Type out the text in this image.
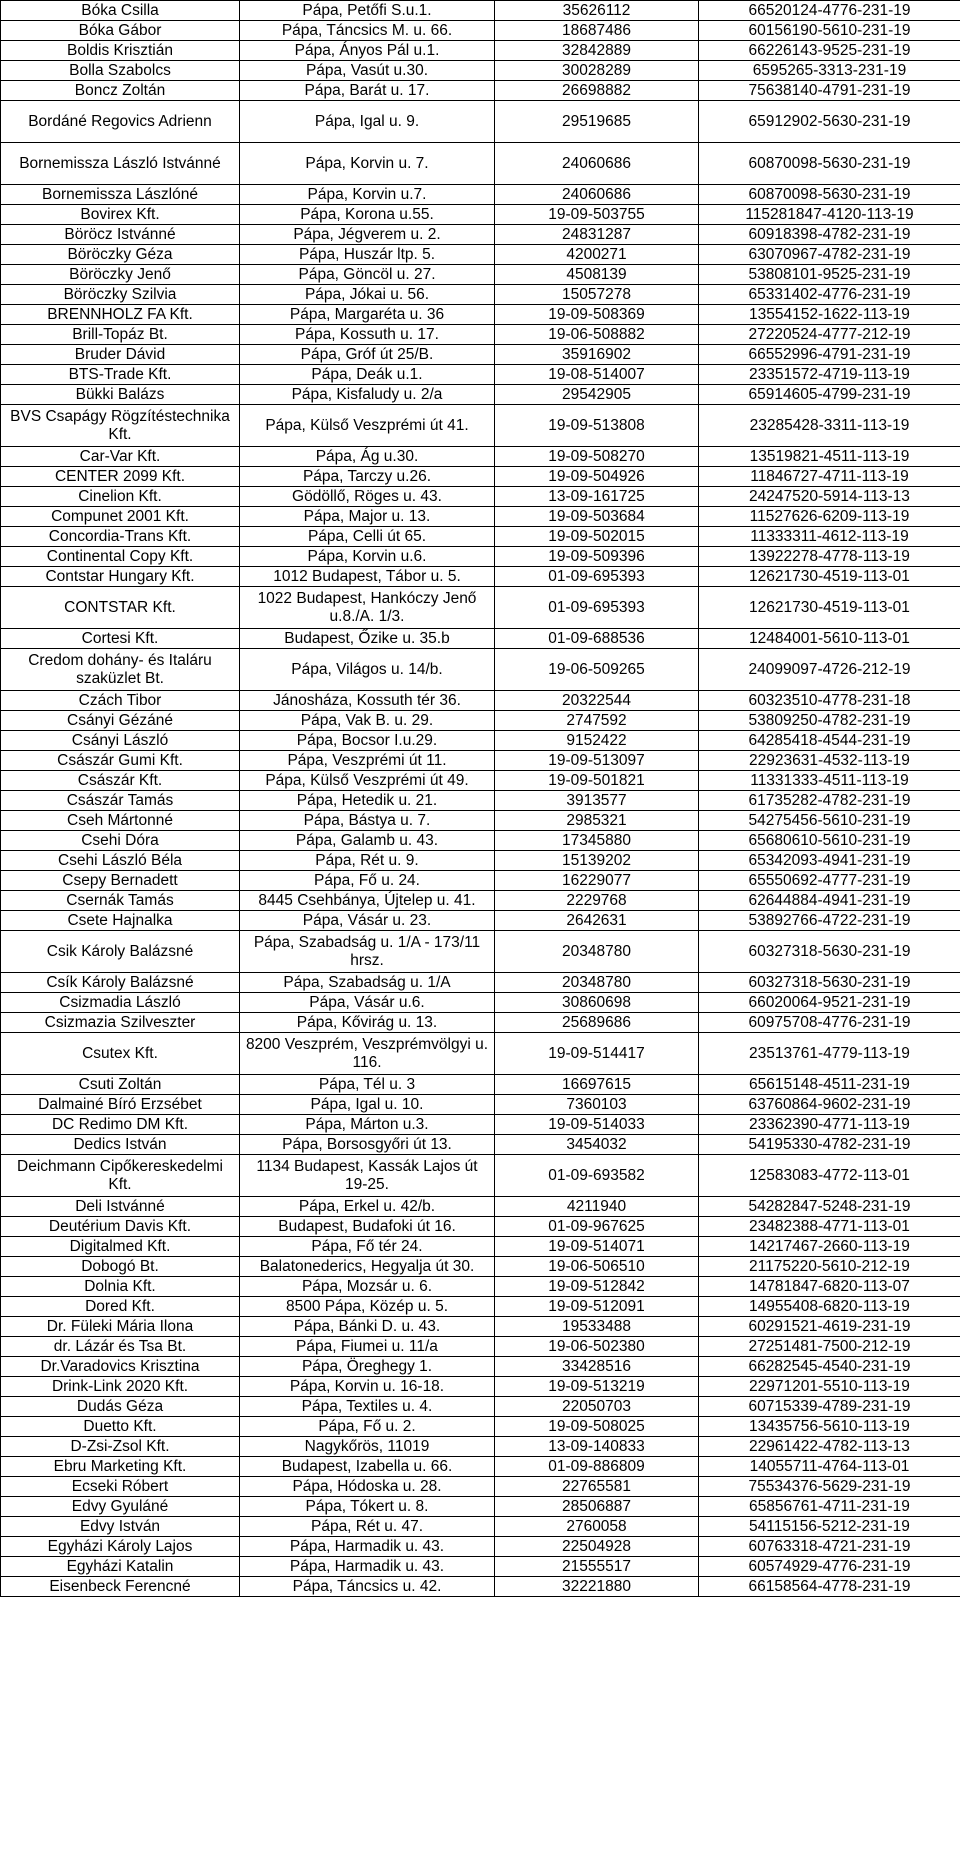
Bóka Csilla	Pápa, Petőfi S.u.1.	35626112	66520124-4776-231-19
Bóka Gábor	Pápa, Táncsics M. u. 66.	18687486	60156190-5610-231-19
Boldis Krisztián	Pápa, Ányos Pál u.1.	32842889	66226143-9525-231-19
Bolla Szabolcs	Pápa, Vasút u.30.	30028289	6595265-3313-231-19
Boncz Zoltán	Pápa, Barát u. 17.	26698882	75638140-4791-231-19
Bordáné Regovics Adrienn	Pápa, Igal u. 9.	29519685	65912902-5630-231-19
Bornemissza László Istvánné	Pápa, Korvin u. 7.	24060686	60870098-5630-231-19
Bornemissza Lászlóné	Pápa, Korvin u.7.	24060686	60870098-5630-231-19
Bovirex Kft.	Pápa, Korona u.55.	19-09-503755	115281847-4120-113-19
Böröcz Istvánné	Pápa, Jégverem u. 2.	24831287	60918398-4782-231-19
Böröczky Géza	Pápa, Huszár ltp. 5.	4200271	63070967-4782-231-19
Böröczky Jenő	Pápa, Göncöl u. 27.	4508139	53808101-9525-231-19
Böröczky Szilvia	Pápa, Jókai u. 56.	15057278	65331402-4776-231-19
BRENNHOLZ FA Kft.	Pápa, Margaréta u. 36	19-09-508369	13554152-1622-113-19
Brill-Topáz Bt.	Pápa, Kossuth u. 17.	19-06-508882	27220524-4777-212-19
Bruder Dávid	Pápa, Gróf út 25/B.	35916902	66552996-4791-231-19
BTS-Trade Kft.	Pápa, Deák u.1.	19-08-514007	23351572-4719-113-19
Bükki Balázs	Pápa, Kisfaludy u. 2/a	29542905	65914605-4799-231-19
BVS Csapágy Rögzítéstechnika Kft.	Pápa, Külső Veszprémi út 41.	19-09-513808	23285428-3311-113-19
Car-Var Kft.	Pápa, Ág u.30.	19-09-508270	13519821-4511-113-19
CENTER 2099 Kft.	Pápa, Tarczy u.26.	19-09-504926	11846727-4711-113-19
Cinelion Kft.	Gödöllő, Röges u. 43.	13-09-161725	24247520-5914-113-13
Compunet 2001 Kft.	Pápa, Major u. 13.	19-09-503684	11527626-6209-113-19
Concordia-Trans Kft.	Pápa, Celli út 65.	19-09-502015	11333311-4612-113-19
Continental Copy Kft.	Pápa, Korvin u.6.	19-09-509396	13922278-4778-113-19
Contstar Hungary Kft.	1012 Budapest, Tábor u. 5.	01-09-695393	12621730-4519-113-01
CONTSTAR Kft.	1022 Budapest, Hankóczy Jenő u.8./A. 1/3.	01-09-695393	12621730-4519-113-01
Cortesi Kft.	Budapest, Őzike u. 35.b	01-09-688536	12484001-5610-113-01
Credom dohány- és Italáru szaküzlet Bt.	Pápa, Világos u. 14/b.	19-06-509265	24099097-4726-212-19
Czách Tibor	Jánosháza, Kossuth tér 36.	20322544	60323510-4778-231-18
Csányi Gézáné	Pápa, Vak B. u. 29.	2747592	53809250-4782-231-19
Csányi László	Pápa, Bocsor I.u.29.	9152422	64285418-4544-231-19
Császár Gumi Kft.	Pápa, Veszprémi út 11.	19-09-513097	22923631-4532-113-19
Császár Kft.	Pápa, Külső Veszprémi út 49.	19-09-501821	11331333-4511-113-19
Császár Tamás	Pápa, Hetedik u. 21.	3913577	61735282-4782-231-19
Cseh Mártonné	Pápa, Bástya u. 7.	2985321	54275456-5610-231-19
Csehi Dóra	Pápa, Galamb u. 43.	17345880	65680610-5610-231-19
Csehi László Béla	Pápa, Rét u. 9.	15139202	65342093-4941-231-19
Csepy Bernadett	Pápa, Fő u. 24.	16229077	65550692-4777-231-19
Csernák Tamás	8445 Csehbánya, Újtelep u. 41.	2229768	62644884-4941-231-19
Csete Hajnalka	Pápa, Vásár u. 23.	2642631	53892766-4722-231-19
Csik Károly Balázsné	Pápa, Szabadság u. 1/A - 173/11 hrsz.	20348780	60327318-5630-231-19
Csík Károly Balázsné	Pápa, Szabadság u. 1/A	20348780	60327318-5630-231-19
Csizmadia László	Pápa, Vásár u.6.	30860698	66020064-9521-231-19
Csizmazia Szilveszter	Pápa, Kővirág u. 13.	25689686	60975708-4776-231-19
Csutex Kft.	8200 Veszprém, Veszprémvölgyi u. 116.	19-09-514417	23513761-4779-113-19
Csuti Zoltán	Pápa, Tél u. 3	16697615	65615148-4511-231-19
Dalmainé Bíró Erzsébet	Pápa, Igal u. 10.	7360103	63760864-9602-231-19
DC Redimo DM Kft.	Pápa, Márton u.3.	19-09-514033	23362390-4771-113-19
Dedics István	Pápa, Borsosgyőri út 13.	3454032	54195330-4782-231-19
Deichmann Cipőkereskedelmi Kft.	1134 Budapest, Kassák Lajos út 19-25.	01-09-693582	12583083-4772-113-01
Deli Istvánné	Pápa, Erkel u. 42/b.	4211940	54282847-5248-231-19
Deutérium Davis Kft.	Budapest, Budafoki út 16.	01-09-967625	23482388-4771-113-01
Digitalmed Kft.	Pápa, Fő tér 24.	19-09-514071	14217467-2660-113-19
Dobogó Bt.	Balatonederics, Hegyalja út 30.	19-06-506510	21175220-5610-212-19
Dolnia Kft.	Pápa, Mozsár u. 6.	19-09-512842	14781847-6820-113-07
Dored Kft.	8500 Pápa, Közép u. 5.	19-09-512091	14955408-6820-113-19
Dr. Füleki Mária Ilona	Pápa, Bánki D. u. 43.	19533488	60291521-4619-231-19
dr. Lázár és Tsa Bt.	Pápa, Fiumei u. 11/a	19-06-502380	27251481-7500-212-19
Dr.Varadovics Krisztina	Pápa, Öreghegy 1.	33428516	66282545-4540-231-19
Drink-Link 2020 Kft.	Pápa, Korvin u. 16-18.	19-09-513219	22971201-5510-113-19
Dudás Géza	Pápa, Textiles u. 4.	22050703	60715339-4789-231-19
Duetto Kft.	Pápa, Fő u. 2.	19-09-508025	13435756-5610-113-19
D-Zsi-Zsol Kft.	Nagykőrös, 11019	13-09-140833	22961422-4782-113-13
Ebru Marketing Kft.	Budapest, Izabella u. 66.	01-09-886809	14055711-4764-113-01
Ecseki Róbert	Pápa, Hódoska u. 28.	22765581	75534376-5629-231-19
Edvy Gyuláné	Pápa, Tókert u. 8.	28506887	65856761-4711-231-19
Edvy István	Pápa, Rét u. 47.	2760058	54115156-5212-231-19
Egyházi Károly Lajos	Pápa, Harmadik u. 43.	22504928	60763318-4721-231-19
Egyházi Katalin	Pápa, Harmadik u. 43.	21555517	60574929-4776-231-19
Eisenbeck Ferencné	Pápa, Táncsics u. 42.	32221880	66158564-4778-231-19
